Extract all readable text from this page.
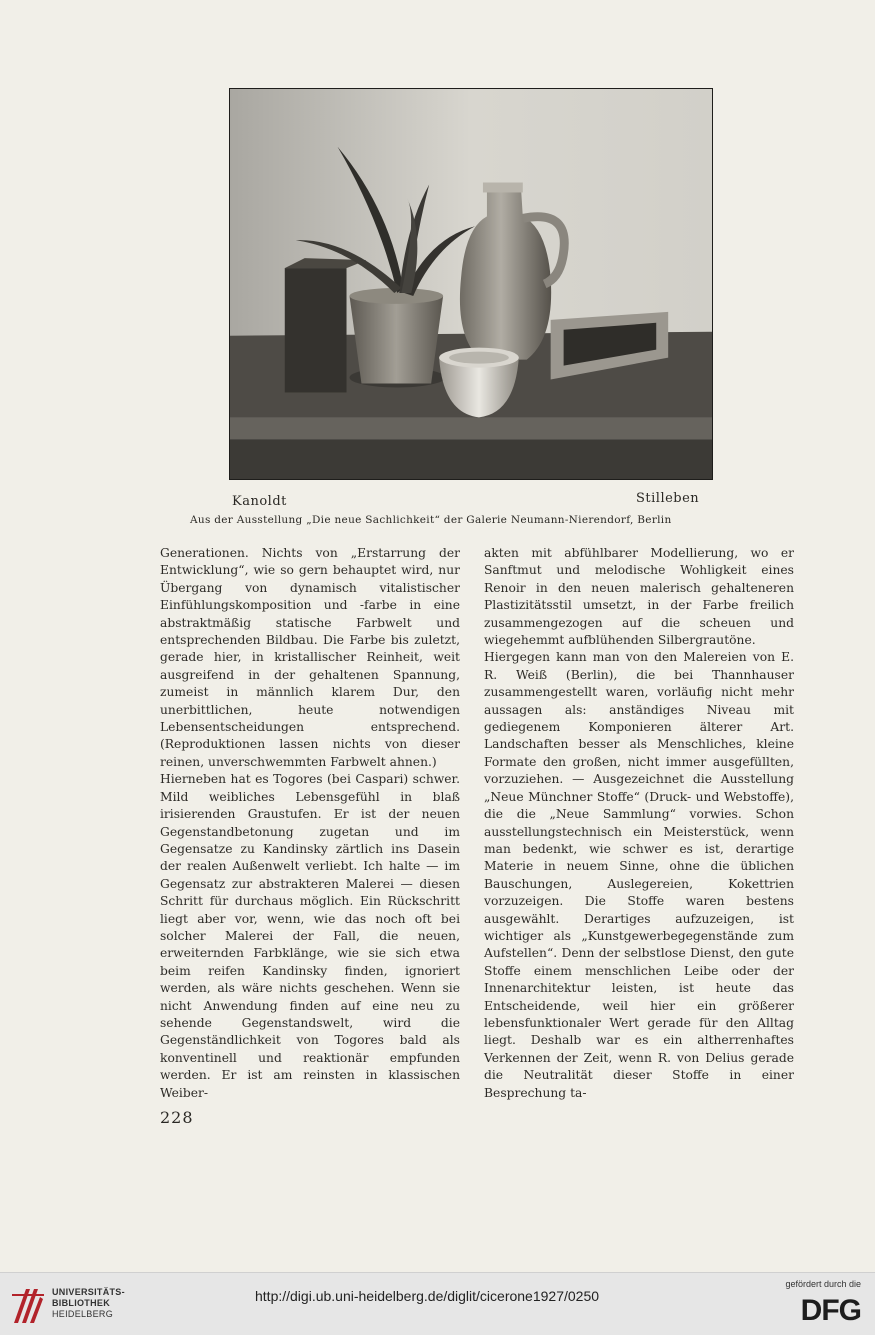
Kanoldt	Stilleben
Aus der Ausstellung „Die neue Sachlichkeit“ der Galerie Neumann-Nierendorf, Berlin

Generationen. Nichts von „Erstarrung der Entwicklung“, wie so gern behauptet wird, nur Übergang von dynamisch vitalistischer Einfühlungskomposition und -farbe in eine abstraktmäßig statische Farbwelt und entsprechenden Bildbau. Die Farbe bis zuletzt, gerade hier, in kristallischer Reinheit, weit ausgreifend in der gehaltenen Spannung, zumeist in männlich klarem Dur, den unerbittlichen, heute notwendigen Lebensentscheidungen entsprechend. (Reproduktionen lassen nichts von dieser reinen, unverschwemmten Farbwelt ahnen.)

Hierneben hat es Togores (bei Caspari) schwer. Mild weibliches Lebensgefühl in blaß irisierenden Graustufen. Er ist der neuen Gegenstandbetonung zugetan und im Gegensatze zu Kandinsky zärtlich ins Dasein der realen Außenwelt verliebt. Ich halte — im Gegensatz zur abstrakteren Malerei — diesen Schritt für durchaus möglich. Ein Rückschritt liegt aber vor, wenn, wie das noch oft bei solcher Malerei der Fall, die neuen, erweiternden Farbklänge, wie sie sich etwa beim reifen Kandinsky finden, ignoriert werden, als wäre nichts geschehen. Wenn sie nicht Anwendung finden auf eine neu zu sehende Gegenstandswelt, wird die Gegenständlichkeit von Togores bald als konventinell und reaktionär empfunden werden. Er ist am reinsten in klassischen Weiber-

akten mit abfühlbarer Modellierung, wo er Sanftmut und melodische Wohligkeit eines Renoir in den neuen malerisch gehalteneren Plastizitätsstil umsetzt, in der Farbe freilich zusammengezogen auf die scheuen und wiegehemmt aufblühenden Silbergrautöne.

Hiergegen kann man von den Malereien von E. R. Weiß (Berlin), die bei Thannhauser zusammengestellt waren, vorläufig nicht mehr aussagen als: anständiges Niveau mit gediegenem Komponieren älterer Art. Landschaften besser als Menschliches, kleine Formate den großen, nicht immer ausgefüllten, vorzuziehen. — Ausgezeichnet die Ausstellung „Neue Münchner Stoffe“ (Druck- und Webstoffe), die die „Neue Sammlung“ vorwies. Schon ausstellungstechnisch ein Meisterstück, wenn man bedenkt, wie schwer es ist, derartige Materie in neuem Sinne, ohne die üblichen Bauschungen, Auslegereien, Kokettrien vorzuzeigen. Die Stoffe waren bestens ausgewählt. Derartiges aufzuzeigen, ist wichtiger als „Kunstgewerbegegenstände zum Aufstellen“. Denn der selbstlose Dienst, den gute Stoffe einem menschlichen Leibe oder der Innenarchitektur leisten, ist heute das Entscheidende, weil hier ein größerer lebensfunktionaler Wert gerade für den Alltag liegt. Deshalb war es ein altherrenhaftes Verkennen der Zeit, wenn R. von Delius gerade die Neutralität dieser Stoffe in einer Besprechung ta-

228
UNIVERSITÄTS-
BIBLIOTHEK
HEIDELBERG
http://digi.ub.uni-heidelberg.de/diglit/cicerone1927/0250
gefördert durch die
DFG
